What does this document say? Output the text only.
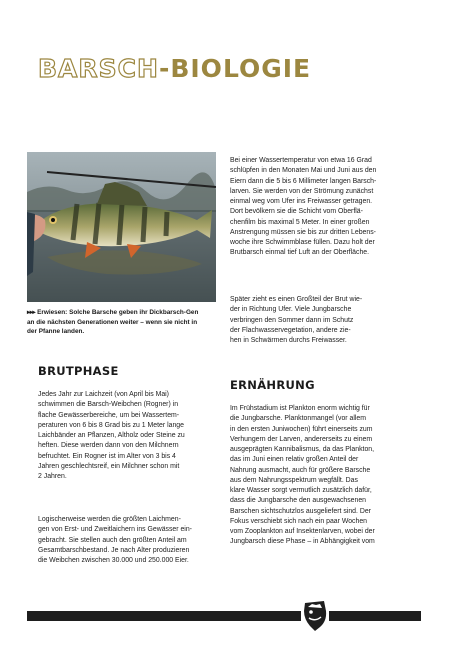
BARSCH-BIOLOGIE
▸▸▸ Erwiesen: Solche Barsche geben ihr Dickbarsch-Gen
an die nächsten Generationen weiter – wenn sie nicht in
der Pfanne landen.
BRUTPHASE

Jedes Jahr zur Laichzeit (von April bis Mai)

schwimmen die Barsch-Weibchen (Rogner) in

flache Gewässerbereiche, um bei Wassertem-

peraturen von 6 bis 8 Grad bis zu 1 Meter lange

Laichbänder an Pflanzen, Altholz oder Steine zu

heften. Diese werden dann von den Milchnern

befruchtet. Ein Rogner ist im Alter von 3 bis 4

Jahren geschlechtsreif, ein Milchner schon mit

2 Jahren.

Logischerweise werden die größten Laichmen-

gen von Erst- und Zweitlaichern ins Gewässer ein-

gebracht. Sie stellen auch den größten Anteil am

Gesamtbarschbestand. Je nach Alter produzieren

die Weibchen zwischen 30.000 und 250.000 Eier.

Bei einer Wassertemperatur von etwa 16 Grad

schlüpfen in den Monaten Mai und Juni aus den

Eiern dann die 5 bis 6 Millimeter langen Barsch-

larven. Sie werden von der Strömung zunächst

einmal weg vom Ufer ins Freiwasser getragen.

Dort bevölkern sie die Schicht vom Oberflä-

chenfilm bis maximal 5 Meter. In einer großen

Anstrengung müssen sie bis zur dritten Lebens-

woche ihre Schwimmblase füllen. Dazu holt der

Brutbarsch einmal tief Luft an der Oberfläche.

Später zieht es einen Großteil der Brut wie-

der in Richtung Ufer. Viele Jungbarsche

verbringen den Sommer dann im Schutz

der Flachwasservegetation, andere zie-

hen in Schwärmen durchs Freiwasser.

ERNÄHRUNG

Im Frühstadium ist Plankton enorm wichtig für

die Jungbarsche. Planktonmangel (vor allem

in den ersten Juniwochen) führt einerseits zum

Verhungern der Larven, andererseits zu einem

ausgeprägten Kannibalismus, da das Plankton,

das im Juni einen relativ großen Anteil der

Nahrung ausmacht, auch für größere Barsche

aus dem Nahrungsspektrum wegfällt. Das

klare Wasser sorgt vermutlich zusätzlich dafür,

dass die Jungbarsche den ausgewachsenen

Barschen sichtschutzlos ausgeliefert sind. Der

Fokus verschiebt sich nach ein paar Wochen

vom Zooplankton auf Insektenlarven, wobei der

Jungbarsch diese Phase – in Abhängigkeit vom
